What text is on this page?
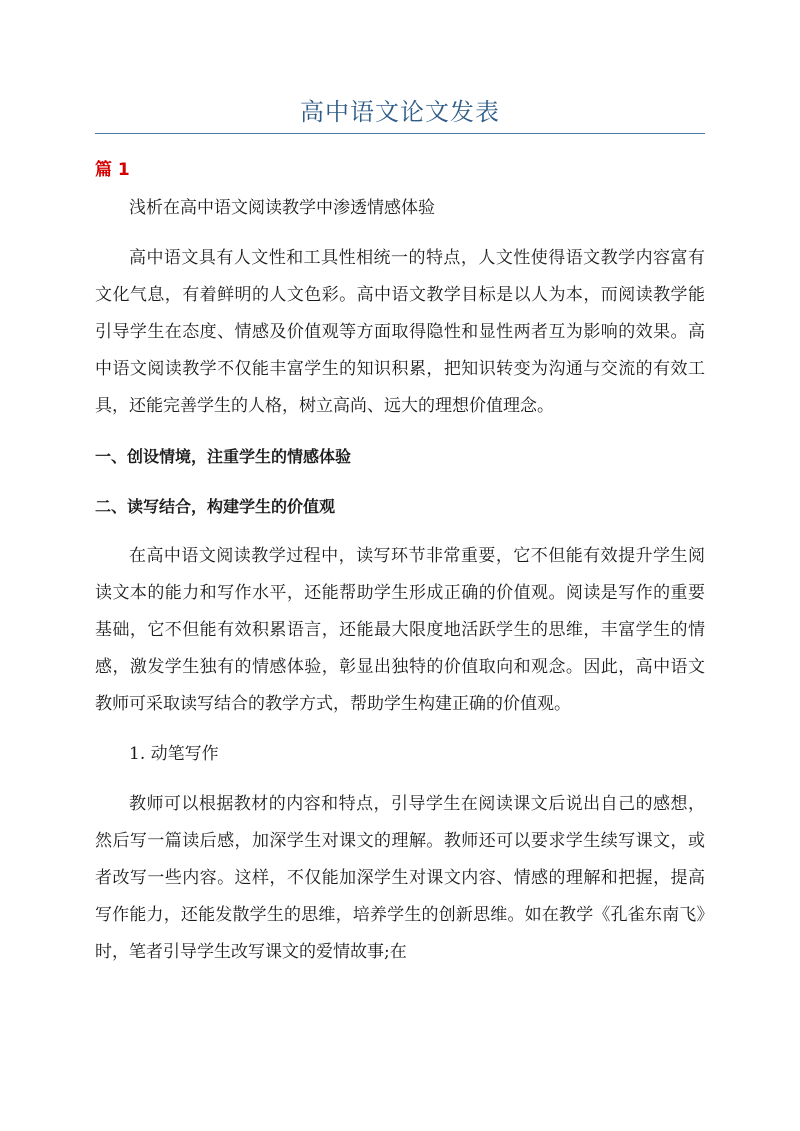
高中语文论文发表
篇 1

浅析在高中语文阅读教学中渗透情感体验

高中语文具有人文性和工具性相统一的特点，人文性使得语文教学内容富有文化气息，有着鲜明的人文色彩。高中语文教学目标是以人为本，而阅读教学能引导学生在态度、情感及价值观等方面取得隐性和显性两者互为影响的效果。高中语文阅读教学不仅能丰富学生的知识积累，把知识转变为沟通与交流的有效工具，还能完善学生的人格，树立高尚、远大的理想价值理念。

一、创设情境，注重学生的情感体验

二、读写结合，构建学生的价值观

在高中语文阅读教学过程中，读写环节非常重要，它不但能有效提升学生阅读文本的能力和写作水平，还能帮助学生形成正确的价值观。阅读是写作的重要基础，它不但能有效积累语言，还能最大限度地活跃学生的思维，丰富学生的情感，激发学生独有的情感体验，彰显出独特的价值取向和观念。因此，高中语文教师可采取读写结合的教学方式，帮助学生构建正确的价值观。

1. 动笔写作

教师可以根据教材的内容和特点，引导学生在阅读课文后说出自己的感想，然后写一篇读后感，加深学生对课文的理解。教师还可以要求学生续写课文，或者改写一些内容。这样，不仅能加深学生对课文内容、情感的理解和把握，提高写作能力，还能发散学生的思维，培养学生的创新思维。如在教学《孔雀东南飞》时，笔者引导学生改写课文的爱情故事;在
